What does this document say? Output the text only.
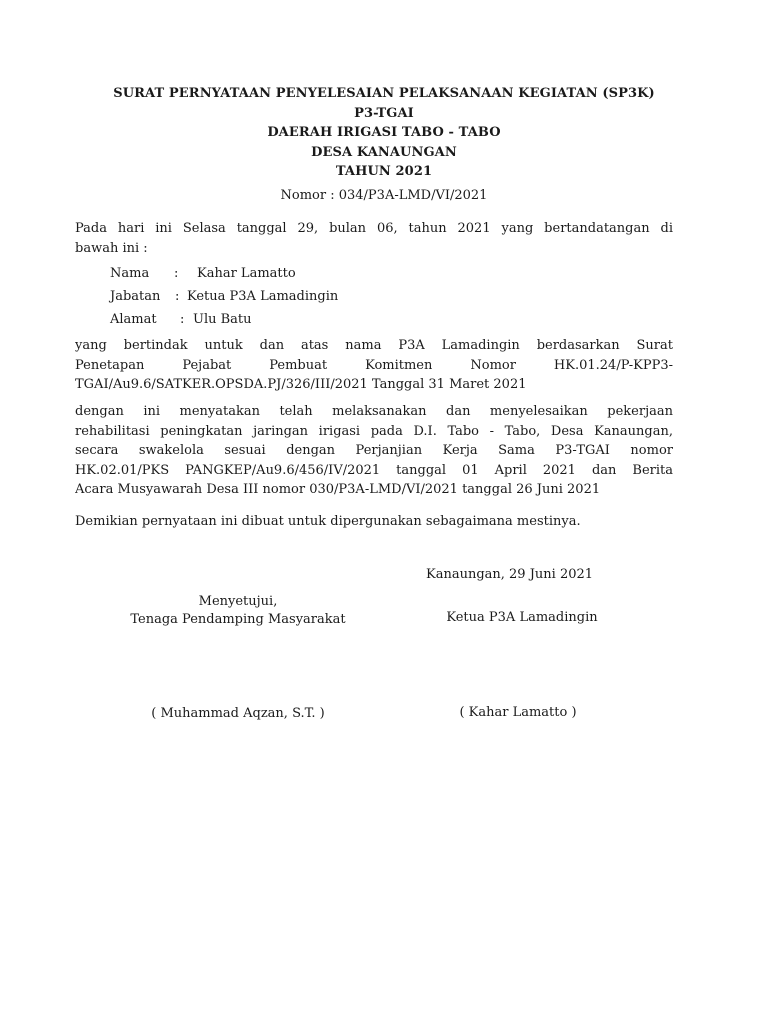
SURAT PERNYATAAN PENYELESAIAN PELAKSANAAN KEGIATAN (SP3K)
P3-TGAI
DAERAH IRIGASI TABO - TABO
DESA KANAUNGAN
TAHUN 2021
Nomor : 034/P3A-LMD/VI/2021
Pada hari ini Selasa tanggal 29, bulan 06, tahun 2021 yang bertandatangan di
bawah ini :
Nama : Kahar Lamatto
Jabatan : Ketua P3A Lamadingin
Alamat : Ulu Batu
yang bertindak untuk dan atas nama P3A Lamadingin berdasarkan Surat
Penetapan Pejabat Pembuat Komitmen Nomor HK.01.24/P-KPP3-
TGAI/Au9.6/SATKER.OPSDA.PJ/326/III/2021 Tanggal 31 Maret 2021
dengan ini menyatakan telah melaksanakan dan menyelesaikan pekerjaan
rehabilitasi peningkatan jaringan irigasi pada D.I. Tabo - Tabo, Desa Kanaungan,
secara swakelola sesuai dengan Perjanjian Kerja Sama P3-TGAI nomor
HK.02.01/PKS PANGKEP/Au9.6/456/IV/2021 tanggal 01 April 2021 dan Berita
Acara Musyawarah Desa III nomor 030/P3A-LMD/VI/2021 tanggal 26 Juni 2021
Demikian pernyataan ini dibuat untuk dipergunakan sebagaimana mestinya.
Kanaungan, 29 Juni 2021
Menyetujui,
Tenaga Pendamping Masyarakat	Ketua P3A Lamadingin
( Muhammad Aqzan, S.T. )	( Kahar Lamatto )
